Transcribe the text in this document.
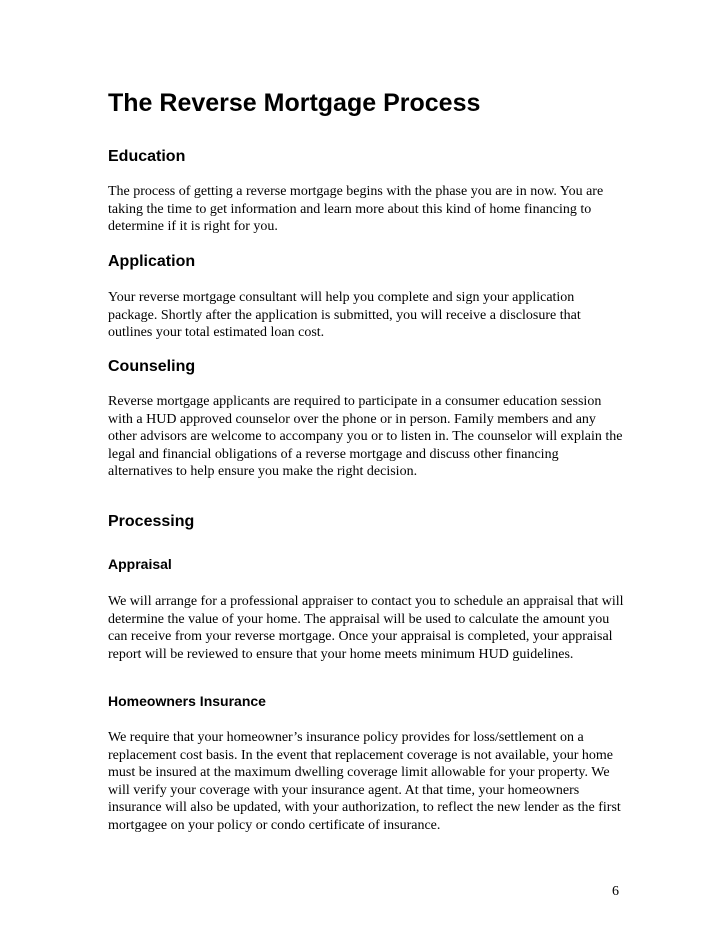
The Reverse Mortgage Process
Education

The process of getting a reverse mortgage begins with the phase you are in now. You are taking the time to get information and learn more about this kind of home financing to determine if it is right for you.

Application

Your reverse mortgage consultant will help you complete and sign your application package. Shortly after the application is submitted, you will receive a disclosure that outlines your total estimated loan cost.

Counseling

Reverse mortgage applicants are required to participate in a consumer education session with a HUD approved counselor over the phone or in person. Family members and any other advisors are welcome to accompany you or to listen in. The counselor will explain the legal and financial obligations of a reverse mortgage and discuss other financing alternatives to help ensure you make the right decision.

Processing
Appraisal

We will arrange for a professional appraiser to contact you to schedule an appraisal that will determine the value of your home. The appraisal will be used to calculate the amount you can receive from your reverse mortgage. Once your appraisal is completed, your appraisal report will be reviewed to ensure that your home meets minimum HUD guidelines.

Homeowners Insurance

We require that your homeowner’s insurance policy provides for loss/settlement on a replacement cost basis. In the event that replacement coverage is not available, your home must be insured at the maximum dwelling coverage limit allowable for your property. We will verify your coverage with your insurance agent. At that time, your homeowners insurance will also be updated, with your authorization, to reflect the new lender as the first mortgagee on your policy or condo certificate of insurance.

6
